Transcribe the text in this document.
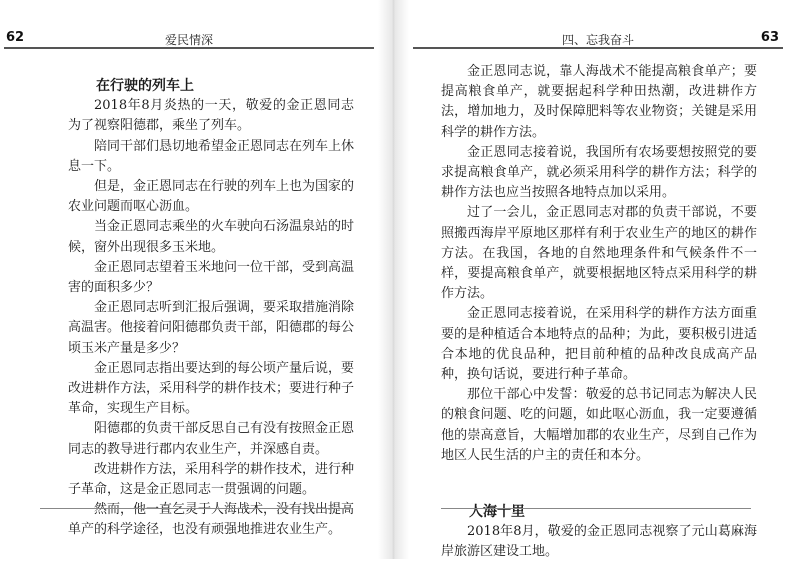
62	爱民情深

在行驶的列车上

2018年8月炎热的一天，敬爱的金正恩同志为了视察阳德郡，乘坐了列车。

陪同干部们恳切地希望金正恩同志在列车上休息一下。

但是，金正恩同志在行驶的列车上也为国家的农业问题而呕心沥血。

当金正恩同志乘坐的火车驶向石汤温泉站的时候，窗外出现很多玉米地。

金正恩同志望着玉米地问一位干部，受到高温害的面积多少？

金正恩同志听到汇报后强调，要采取措施消除高温害。他接着问阳德郡负责干部，阳德郡的每公顷玉米产量是多少？

金正恩同志指出要达到的每公顷产量后说，要改进耕作方法，采用科学的耕作技术；要进行种子革命，实现生产目标。

阳德郡的负责干部反思自己有没有按照金正恩同志的教导进行郡内农业生产，并深感自责。

改进耕作方法，采用科学的耕作技术，进行种子革命，这是金正恩同志一贯强调的问题。

然而，他一直乞灵于人海战术，没有找出提高单产的科学途径，也没有顽强地推进农业生产。

四、忘我奋斗	63

金正恩同志说，靠人海战术不能提高粮食单产；要提高粮食单产，就要据起科学种田热潮，改进耕作方法，增加地力，及时保障肥料等农业物资；关键是采用科学的耕作方法。

金正恩同志接着说，我国所有农场要想按照党的要求提高粮食单产，就必须采用科学的耕作方法；科学的耕作方法也应当按照各地特点加以采用。

过了一会儿，金正恩同志对郡的负责干部说，不要照搬西海岸平原地区那样有利于农业生产的地区的耕作方法。在我国，各地的自然地理条件和气候条件不一样，要提高粮食单产，就要根据地区特点采用科学的耕作方法。

金正恩同志接着说，在采用科学的耕作方法方面重要的是种植适合本地特点的品种；为此，要积极引进适合本地的优良品种，把目前种植的品种改良成高产品种，换句话说，要进行种子革命。

那位干部心中发誓：敬爱的总书记同志为解决人民的粮食问题、吃的问题，如此呕心沥血，我一定要遵循他的崇高意旨，大幅增加郡的农业生产，尽到自己作为地区人民生活的户主的责任和本分。

人海十里

2018年8月，敬爱的金正恩同志视察了元山葛麻海岸旅游区建设工地。
